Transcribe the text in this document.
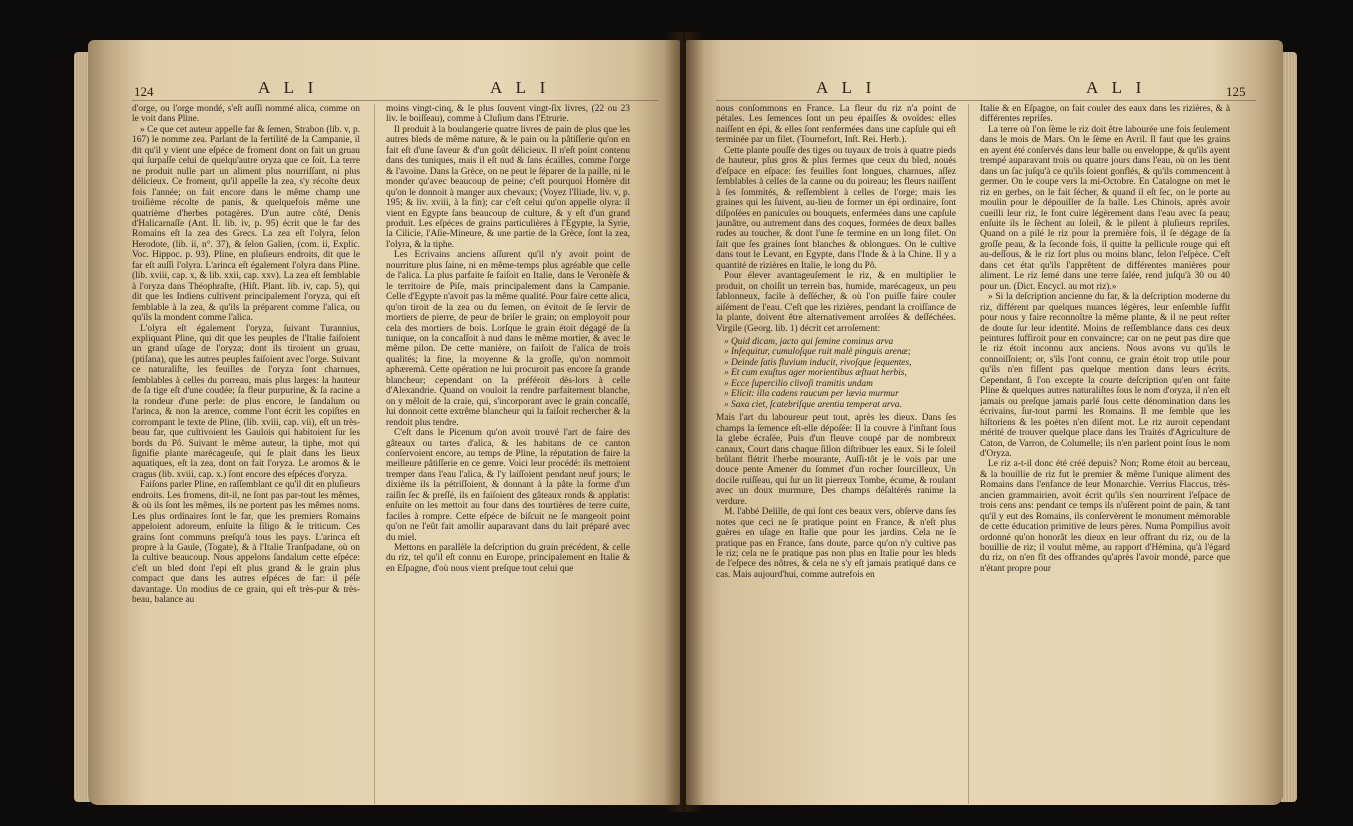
124	A L I	A L I

d'orge, ou l'orge mondé, s'eſt auſſi nommé alica, comme on le voit dans Pline.

» Ce que cet auteur appelle far & ſemen, Strabon (lib. v, p. 167) le nomme zea. Parlant de la fertilité de la Campanie, il dit qu'il y vient une eſpéce de froment dont on fait un gruau qui ſurpaſſe celui de quelqu'autre oryza que ce ſoit. La terre ne produit nulle part un aliment plus nourriſſant, ni plus délicieux. Ce froment, qu'il appelle la zea, s'y récolte deux fois l'année; on fait encore dans le même champ une troiſième récolte de panis, & quelquefois même une quatrième d'herbes potagères. D'un autre côté, Denis d'Halicarnaſſe (Ant. Il. lib. iv, p. 95) écrit que le far des Romains eſt la zea des Grecs. La zea eſt l'olyra, ſelon Herodote, (lib. ii, n°. 37), & ſelon Galien, (com. ii, Explic. Voc. Hippoc. p. 93). Pline, en pluſieurs endroits, dit que le far eſt auſſi l'olyra. L'arinca eſt également l'olyra dans Pline. (lib. xviii, cap. x, & lib. xxii, cap. xxv). La zea eſt ſemblable à l'oryza dans Théophraſte, (Hiſt. Plant. lib. iv, cap. 5), qui dit que les Indiens cultivent principalement l'oryza, qui eſt ſemblable à la zea, & qu'ils la préparent comme l'alica, ou qu'ils la mondent comme l'alica.

L'olyra eſt également l'oryza, ſuivant Turannius, expliquant Pline, qui dit que les peuples de l'Italie faiſoient un grand uſage de l'oryza; dont ils tiroient un gruau, (ptiſana), que les autres peuples faiſoient avec l'orge. Suivant ce naturaliſte, les feuilles de l'oryza ſont charnues, ſemblables à celles du porreau, mais plus larges: la hauteur de ſa tige eſt d'une coudée; ſa fleur purpurine, & ſa racine a la rondeur d'une perle: de plus encore, le ſandalum ou l'arinca, & non la arence, comme l'ont écrit les copiſtes en corrompant le texte de Pline, (lib. xviii, cap. vii), eſt un très-beau far, que cultivoient les Gaulois qui habitoient ſur les bords du Pô. Suivant le même auteur, la tiphe, mot qui ſignifie plante marécageuſe, qui ſe plait dans les lieux aquatiques, eſt la zea, dont on fait l'oryza. Le aromos & le cragus (lib. xviii, cap. x.) ſont encore des eſpéces d'oryza.

Faiſons parler Pline, en raſſemblant ce qu'il dit en pluſieurs endroits. Les fromens, dit-il, ne ſont pas par-tout les mêmes, & où ils ſont les mêmes, ils ne portent pas les mêmes noms. Les plus ordinaires ſont le far, que les premiers Romains appeloient adoreum, enſuite la ſiligo & le triticum. Ces grains ſont communs preſqu'à tous les pays. L'arinca eſt propre à la Gaule, (Togate), & à l'Italie Tranſpadane, où on la cultive beaucoup. Nous appelons ſandalum cette eſpéce: c'eſt un bled dont l'epi eſt plus grand & le grain plus compact que dans les autres eſpéces de far: il péſe davantage. Un modius de ce grain, qui eſt très-pur & très-beau, balance au

moins vingt-cinq, & le plus ſouvent vingt-ſix livres, (22 ou 23 liv. le boiſſeau), comme à Cluſium dans l'Etrurie.

Il produit à la boulangerie quatre livres de pain de plus que les autres bleds de même nature, & le pain ou la pâtiſſerie qu'on en fait eſt d'une ſaveur & d'un goût délicieux. Il n'eſt point contenu dans des tuniques, mais il eſt nud & ſans écailles, comme l'orge & l'avoine. Dans la Grèce, on ne peut le ſéparer de la paille, ni le monder qu'avec beaucoup de peine; c'eſt pourquoi Homère dit qu'on le donnoit à manger aux chevaux; (Voyez l'Iliade, liv. v, p. 195; & liv. xviii, à la fin); car c'eſt celui qu'on appelle olyra: il vient en Egypte ſans beaucoup de culture, & y eſt d'un grand produit. Les eſpéces de grains particulières à l'Egypte, la Syrie, la Cilicie, l'Aſie-Mineure, & une partie de la Grèce, ſont la zea, l'olyra, & la tiphe.

Les Ecrivains anciens aſſurent qu'il n'y avoit point de nourriture plus ſaine, ni en même-temps plus agréable que celle de l'alica. La plus parfaite ſe faiſoit en Italie, dans le Veronèſe & le territoire de Piſe, mais principalement dans la Campanie. Celle d'Egypte n'avoit pas la même qualité. Pour faire cette alica, qu'on tiroit de la zea ou du ſemen, on évitoit de ſe ſervir de mortiers de pierre, de peur de briſer le grain; on employoit pour cela des mortiers de bois. Lorſque le grain étoit dégagé de ſa tunique, on la concaſſoit à nud dans le même mortier, & avec le même pilon. De cette manière, on faiſoit de l'alica de trois qualités; la fine, la moyenne & la groſſe, qu'on nommoit aphæremà. Cette opération ne lui procuroit pas encore ſa grande blancheur; cependant on la préféroit dès-lors à celle d'Alexandrie. Quand on vouloit la rendre parfaitement blanche, on y mêloit de la craie, qui, s'incorporant avec le grain concaſſé, lui donnoit cette extrême blancheur qui la faiſoit rechercher & la rendoit plus tendre.

C'eſt dans le Picenum qu'on avoit trouvé l'art de faire des gâteaux ou tartes d'alica, & les habitans de ce canton conſervoient encore, au temps de Pline, la réputation de faire la meilleure pâtiſſerie en ce genre. Voici leur procédé: ils mettoient tremper dans l'eau l'alica, & l'y laiſſoient pendant neuf jours; le dixième ils la pétriſſoient, & donnant à la pâte la forme d'un raiſin ſec & preſſé, ils en faiſoient des gâteaux ronds & applatis: enſuite on les mettoit au four dans des tourtières de terre cuite, faciles à rompre. Cette eſpéce de biſcuit ne ſe mangeoit point qu'on ne l'eût fait amollir auparavant dans du lait préparé avec du miel.

Mettons en parallèle la deſcription du grain précédent, & celle du riz, tel qu'il eſt connu en Europe, principalement en Italie & en Eſpagne, d'où nous vient preſque tout celui que

A L I	A L I	125

nous conſommons en France. La fleur du riz n'a point de pétales. Les ſemences ſont un peu épaiſſes & ovoïdes: elles naiſſent en épi, & elles ſont renfermées dans une capſule qui eſt terminée par un filet. (Tournefort, Inſt. Rei. Herb.).

Cette plante pouſſe des tiges ou tuyaux de trois à quatre pieds de hauteur, plus gros & plus fermes que ceux du bled, noués d'eſpace en eſpace: ſes feuilles ſont longues, charnues, aſſez ſemblables à celles de la canne ou du poireau; les fleurs naiſſent à ſes ſommités, & reſſemblent à celles de l'orge; mais les graines qui les ſuivent, au-lieu de former un épi ordinaire, ſont diſpoſées en panicules ou bouquets, enfermées dans une capſule jaunâtre, ou autrement dans des coques, formées de deux balles rudes au toucher, & dont l'une ſe termine en un long filet. On ſait que ſes graines ſont blanches & oblongues. On le cultive dans tout le Levant, en Egypte, dans l'Inde & à la Chine. Il y a quantité de rizières en Italie, le long du Pô.

Pour élever avantageuſement le riz, & en multiplier le produit, on choiſit un terrein bas, humide, marécageux, un peu ſablonneux, facile à deſſécher, & où l'on puiſſe faire couler aiſément de l'eau. C'eſt que les rizières, pendant la croiſſance de la plante, doivent être alternativement arroſées & deſſéchées. Virgile (Georg. lib. 1) décrit cet arroſement:

» Quid dicam, jacto qui ſemine cominus arva
» Inſequitur, cumuloſque ruit malè pinguis arenæ;
» Deinde ſatis fluvium inducit, rivoſque ſequentes,
» Et cum exuſtus ager morientibus æſtuat herbis,
» Ecce ſupercilio clivoſi tramitis undam
» Elicit: illa cadens raucum per lævia murmur
» Saxa ciet, ſcatebriſque arentia temperat arva.

Mais l'art du laboureur peut tout, après les dieux. Dans ſes champs la ſemence eſt-elle dépoſée: Il la couvre à l'inſtant ſous la glebe écraſée, Puis d'un fleuve coupé par de nombreux canaux, Court dans chaque ſillon diſtribuer les eaux. Si le ſoleil brûlant flétrit l'herbe mourante, Auſſi-tôt je le vois par une douce pente Amener du ſommet d'un rocher ſourcilleux, Un docile ruiſſeau, qui ſur un lit pierreux Tombe, écume, & roulant avec un doux murmure, Des champs déſaltérés ranime la verdure.

M. l'abbé Delille, de qui ſont ces beaux vers, obſerve dans ſes notes que ceci ne ſe pratique point en France, & n'eſt plus guères en uſage en Italie que pour les jardins. Cela ne ſe pratique pas en France, ſans doute, parce qu'on n'y cultive pas le riz; cela ne ſe pratique pas non plus en Italie pour les bleds de l'eſpece des nôtres, & cela ne s'y eſt jamais pratiqué dans ce cas. Mais aujourd'hui, comme autrefois en

Italie & en Eſpagne, on fait couler des eaux dans les rizières, & à différentes repriſes.

La terre où l'on ſème le riz doit être labourée une fois ſeulement dans le mois de Mars. On le ſème en Avril. Il faut que les grains en ayent été conſervés dans leur balle ou enveloppe, & qu'ils ayent trempé auparavant trois ou quatre jours dans l'eau, où on les tient dans un ſac juſqu'à ce qu'ils ſoient gonflés, & qu'ils commencent à germer. On le coupe vers la mi-Octobre. En Catalogne on met le riz en gerbes, on le fait ſécher, & quand il eſt ſec, on le porte au moulin pour le dépouiller de ſa balle. Les Chinois, après avoir cueilli leur riz, le font cuire légèrement dans l'eau avec ſa peau; enſuite ils le ſèchent au ſoleil, & le pilent à pluſieurs repriſes. Quand on a pilé le riz pour la première fois, il ſe dégage de ſa groſſe peau, & la ſeconde fois, il quitte la pellicule rouge qui eſt au-deſſous, & le riz ſort plus ou moins blanc, ſelon l'eſpèce. C'eſt dans cet état qu'ils l'apprêtent de différentes manières pour aliment. Le riz ſemé dans une terre ſalée, rend juſqu'à 30 ou 40 pour un. (Dict. Encycl. au mot riz).»

» Si la deſcription ancienne du far, & la deſcription moderne du riz, différent par quelques nuances légères, leur enſemble ſuffit pour nous y faire reconnoître la même plante, & il ne peut reſter de doute ſur leur identité. Moins de reſſemblance dans ces deux peintures ſuffiroit pour en convaincre; car on ne peut pas dire que le riz étoit inconnu aux anciens. Nous avons vu qu'ils le connoiſſoient; or, s'ils l'ont connu, ce grain étoit trop utile pour qu'ils n'en fiſſent pas quelque mention dans leurs écrits. Cependant, ſi l'on excepte la courte deſcription qu'en ont faite Pline & quelques autres naturaliſtes ſous le nom d'oryza, il n'en eſt jamais ou preſque jamais parlé ſous cette dénomination dans les écrivains, ſur-tout parmi les Romains. Il me ſemble que les hiſtoriens & les poètes n'en diſent mot. Le riz auroit cependant mérité de trouver quelque place dans les Traités d'Agriculture de Caton, de Varron, de Columelle; ils n'en parlent point ſous le nom d'Oryza.

Le riz a-t-il donc été créé depuis? Non; Rome étoit au berceau, & la bouillie de riz fut le premier & même l'unique aliment des Romains dans l'enfance de leur Monarchie. Verrius Flaccus, très-ancien grammairien, avoit écrit qu'ils s'en nourrirent l'eſpace de trois cens ans: pendant ce temps ils n'uſèrent point de pain, & tant qu'il y eut des Romains, ils conſervèrent le monument mémorable de cette éducation primitive de leurs pères. Numa Pompilius avoit ordonné qu'on honorât les dieux en leur offrant du riz, ou de la bouillie de riz; il voulut même, au rapport d'Hémina, qu'à l'égard du riz, on n'en fît des offrandes qu'après l'avoir mondé, parce que n'étant propre pour
